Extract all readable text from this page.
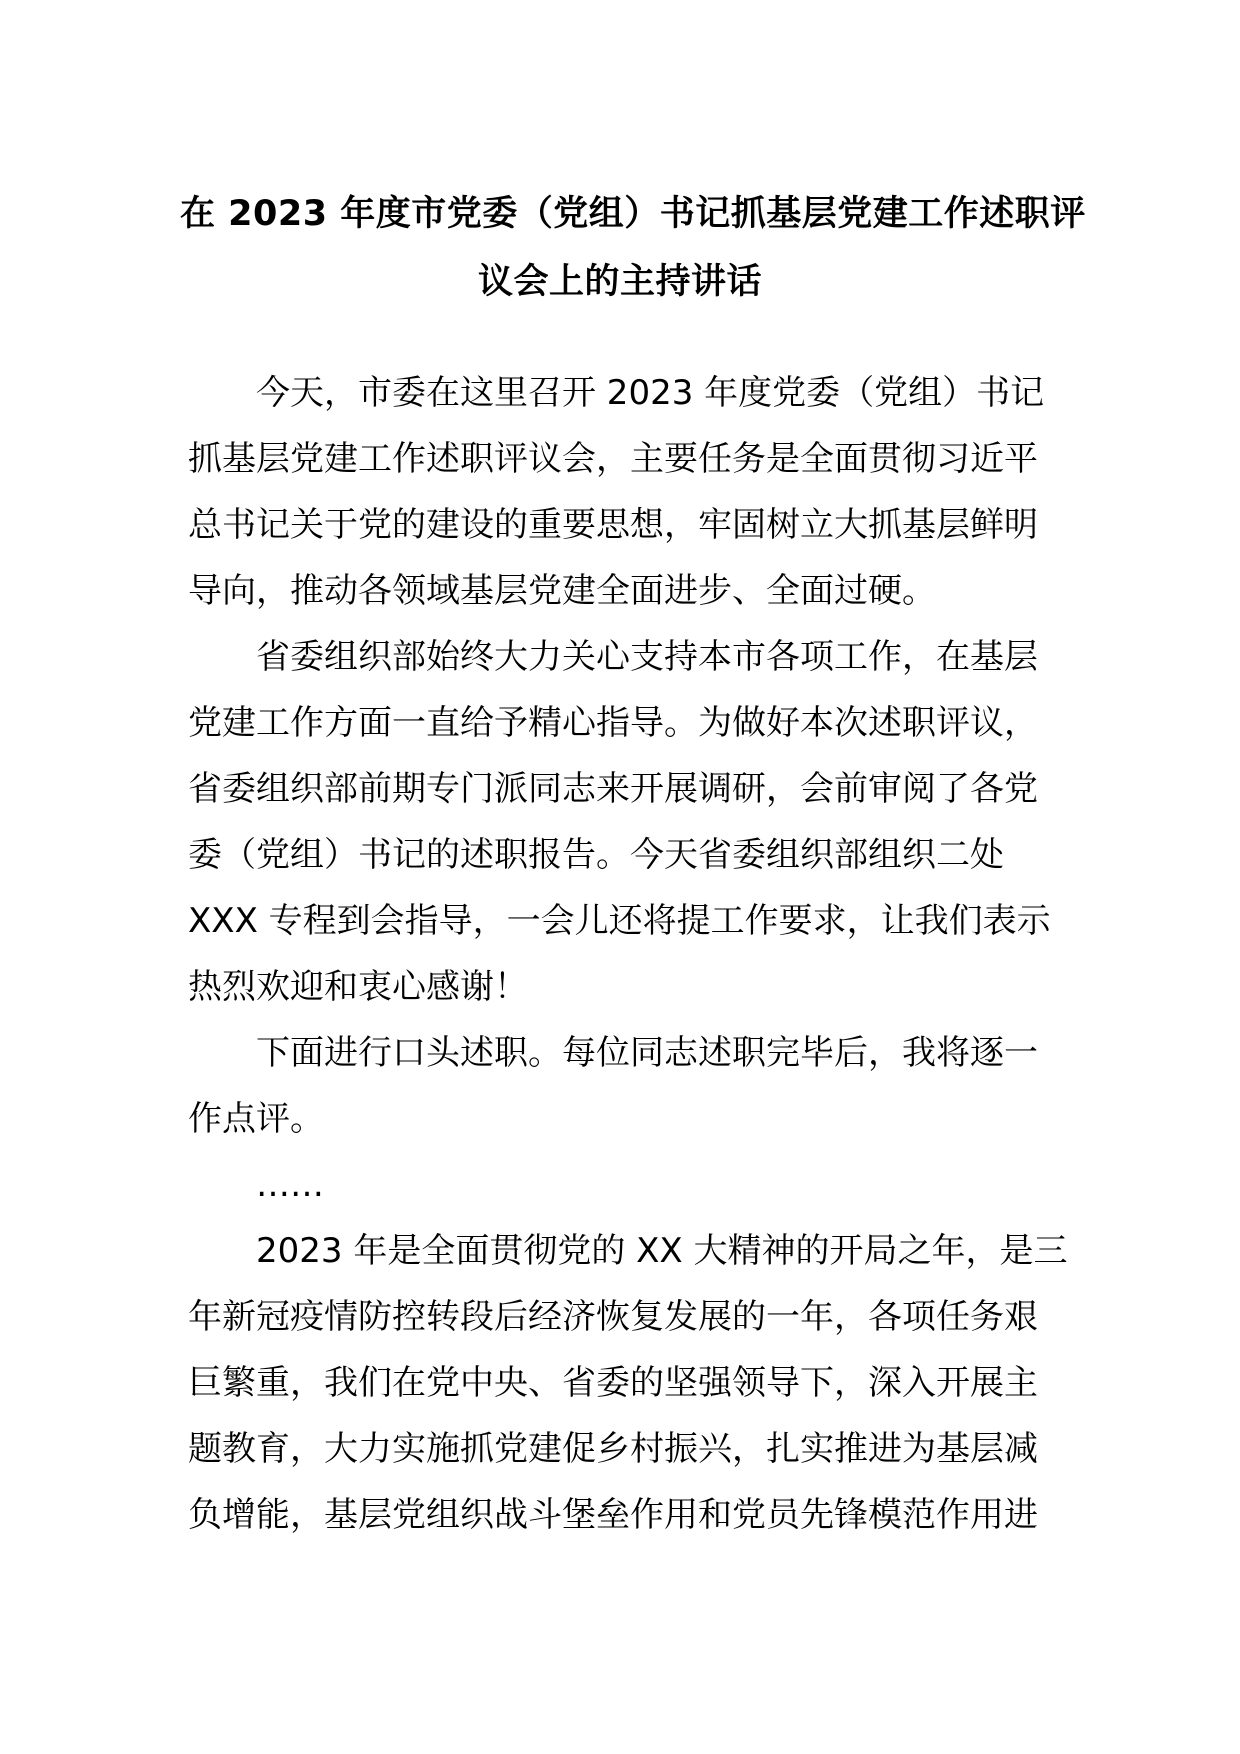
在 2023 年度市党委（党组）书记抓基层党建工作述职评
议会上的主持讲话
今天，市委在这里召开 2023 年度党委（党组）书记
抓基层党建工作述职评议会，主要任务是全面贯彻习近平
总书记关于党的建设的重要思想，牢固树立大抓基层鲜明
导向，推动各领域基层党建全面进步、全面过硬。
省委组织部始终大力关心支持本市各项工作，在基层
党建工作方面一直给予精心指导。为做好本次述职评议，
省委组织部前期专门派同志来开展调研，会前审阅了各党
委（党组）书记的述职报告。今天省委组织部组织二处
XXX 专程到会指导，一会儿还将提工作要求，让我们表示
热烈欢迎和衷心感谢！
下面进行口头述职。每位同志述职完毕后，我将逐一
作点评。
……
2023 年是全面贯彻党的 XX 大精神的开局之年，是三
年新冠疫情防控转段后经济恢复发展的一年，各项任务艰
巨繁重，我们在党中央、省委的坚强领导下，深入开展主
题教育，大力实施抓党建促乡村振兴，扎实推进为基层减
负增能，基层党组织战斗堡垒作用和党员先锋模范作用进
